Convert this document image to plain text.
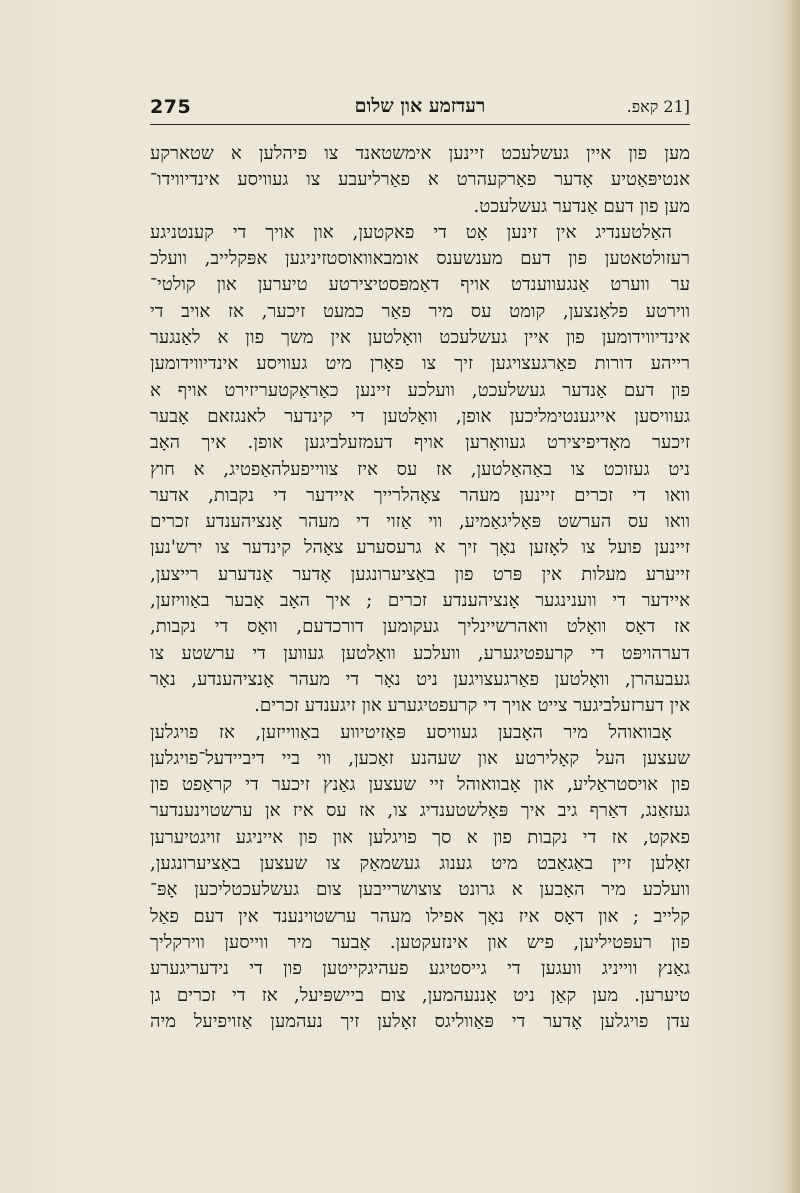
275	רעדזמע און שלום	[21 קאפ.
מען פון איין געשלעכט זיינען אימשטאנד צו פיהלען א שטארקע
אנטיפּאַטיע אָדער פאַרקעהרט א פאַרליעבע צו געוויסע אינדיווידו־
מען פון דעם אַנדער געשלעכט.
האַלטענדיג אין זינען אָט די פאקטען, און אויך די קענטניגע
רעזולטאטען פון דעם מענשענס אומבאוואוסטזיניגען אפּקלייב, וועלכ
ער ווערט אַנגעווענדט אויף דאַמפּסטיצירטע טיערען און קולטי־
ווירטע פלאַנצען, קומט עס מיר פאַר כמעט זיכער, אז אויב די
אינדיווידומען פון איין געשלעכט וואָלטען אין משך פון א לאַנגער
רייהע דורות פאַרגעצויגען זיך צו פאָרן מיט געוויסע אינדיווידומען
פון דעם אַנדער געשלעכט, וועלכע זיינען כאַראַקטעריזירט אויף א
געוויסען אייגענטימליכען אופן, וואָלטען די קינדער לאנגזאם אָבער
זיכער מאָדיפיצירט געוואָרען אויף דעמזעלביגען אופן. איך האָב
ניט געזוכט צו באַהאַלטען, אז עס איז צווייפעלהאַפטיג, א חוץ
וואו די זכרים זיינען מעהר צאָהלרייך איידער די נקבות, אדער
וואו עס הערשט פּאָליגאַמיע, ווי אַזוי די מעהר אָנציהענדע זכרים
זיינען פועל צו לאָזען נאָך זיך א גרעסערע צאָהל קינדער צו ירש'נען
זייערע מעלות אין פּרט פון באַציערונגען אָדער אַנדערע רייצען,
איידער די ווענינגער אָנציהענדע זכרים ; איך האָב אָבער באַוויזען,
אז דאָס וואָלט וואהרשיינליך געקומען דורכדעם, וואָס די נקבות,
דערהויפּט די קרעפטיגערע, וועלכע וואָלטען געווען די ערשטע צו
געבעהרן, וואָלטען פאַרגעצויגען ניט נאָר די מעהר אָנציהענדע, נאָר
אין דערזעלביגער צייט אויך די קרעפטיגערע און זיגענדע זכרים.
אָבוואוהל מיר האָבען געוויסע פּאַזיטיווע באַווייזען, אז פויגלען
שעצען העל קאָלירטע און שעהנע זאַכען, ווי ביי דיביידעל־פויגלען
פון אויסטראַליע, און אָבוואוהל זיי שעצען גאַנץ זיכער די קראַפט פון
געזאַנג, דאַרף גיב איך פּאָלשטענדיג צו, אז עס איז אן ערשטוינענדער
פאקט, אז די נקבות פון א סך פויגלען און פון אייניגע זויגטיערען
זאָלען זיין באַגאַבט מיט גענוג געשמאַק צו שעצען באַציערונגען,
וועלכע מיר האָבען א גרונט צוצושרייבען צום געשלעכטליכען אָפּ־
קלייב ; און דאָס איז נאָך אפילו מעהר ערשטוינענד אין דעם פאַל
פון רעפּטיליען, פיש און אינזעקטען. אָבער מיר ווייסען ווירקליך
גאַנץ ווייניג וועגען די גייסטיגע פעהיגקייטען פון די נידעריגערע
טיערען. מען קאַן ניט אָננעהמען, צום ביישפּיעל, אז די זכרים גן
עדן פויגלען אָדער די פּאַווליגס זאָלען זיך נעהמען אַזויפיעל מיה
